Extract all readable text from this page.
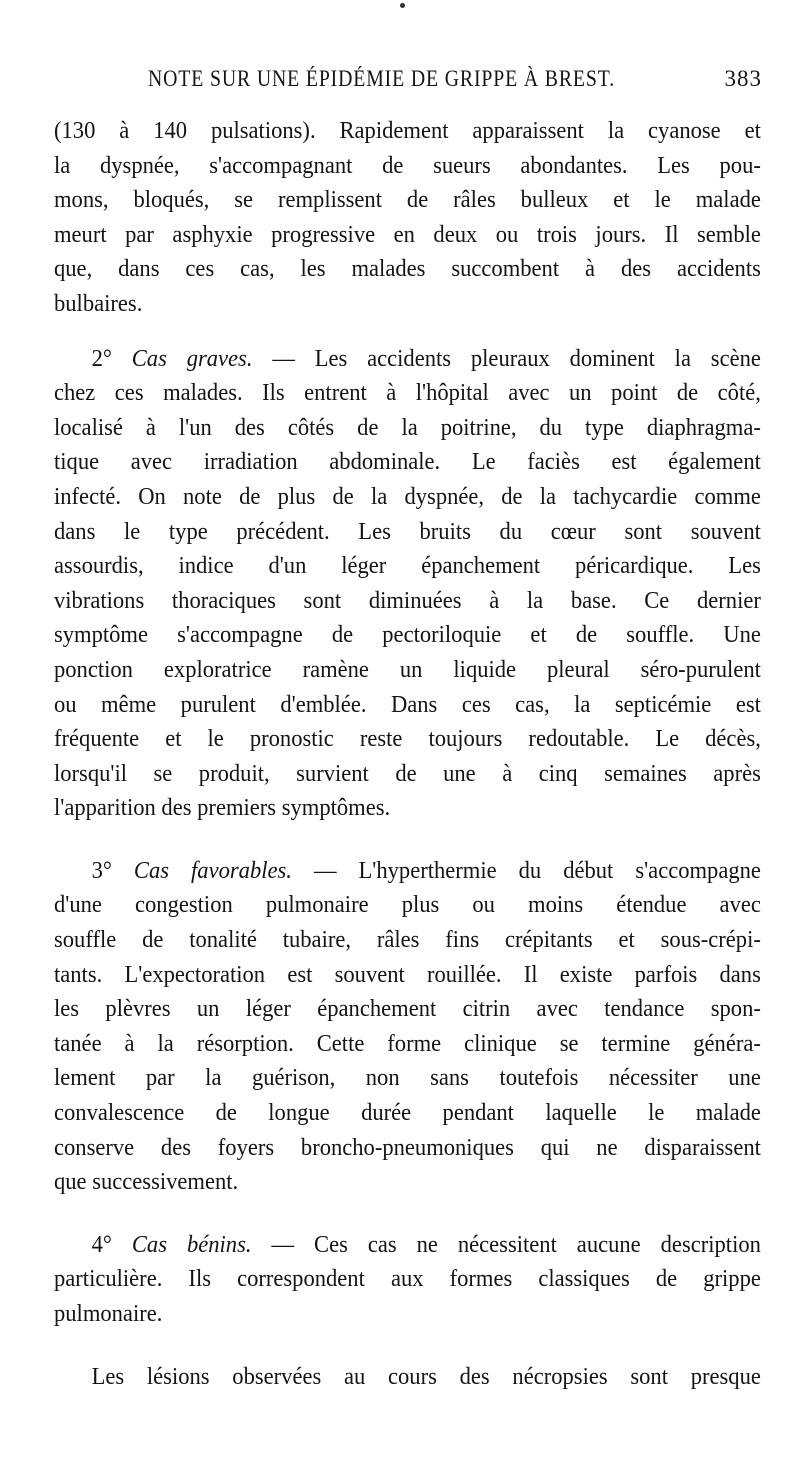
NOTE SUR UNE ÉPIDÉMIE DE GRIPPE À BREST.	383
(130 à 140 pulsations). Rapidement apparaissent la cyanose et
la dyspnée, s'accompagnant de sueurs abondantes. Les pou-
mons, bloqués, se remplissent de râles bulleux et le malade
meurt par asphyxie progressive en deux ou trois jours. Il semble
que, dans ces cas, les malades succombent à des accidents
bulbaires.
2° Cas graves. — Les accidents pleuraux dominent la scène
chez ces malades. Ils entrent à l'hôpital avec un point de côté,
localisé à l'un des côtés de la poitrine, du type diaphragma-
tique avec irradiation abdominale. Le faciès est également
infecté. On note de plus de la dyspnée, de la tachycardie comme
dans le type précédent. Les bruits du cœur sont souvent
assourdis, indice d'un léger épanchement péricardique. Les
vibrations thoraciques sont diminuées à la base. Ce dernier
symptôme s'accompagne de pectoriloquie et de souffle. Une
ponction exploratrice ramène un liquide pleural séro-purulent
ou même purulent d'emblée. Dans ces cas, la septicémie est
fréquente et le pronostic reste toujours redoutable. Le décès,
lorsqu'il se produit, survient de une à cinq semaines après
l'apparition des premiers symptômes.
3° Cas favorables. — L'hyperthermie du début s'accompagne
d'une congestion pulmonaire plus ou moins étendue avec
souffle de tonalité tubaire, râles fins crépitants et sous-crépi-
tants. L'expectoration est souvent rouillée. Il existe parfois dans
les plèvres un léger épanchement citrin avec tendance spon-
tanée à la résorption. Cette forme clinique se termine généra-
lement par la guérison, non sans toutefois nécessiter une
convalescence de longue durée pendant laquelle le malade
conserve des foyers broncho-pneumoniques qui ne disparaissent
que successivement.
4° Cas bénins. — Ces cas ne nécessitent aucune description
particulière. Ils correspondent aux formes classiques de grippe
pulmonaire.
Les lésions observées au cours des nécropsies sont presque
